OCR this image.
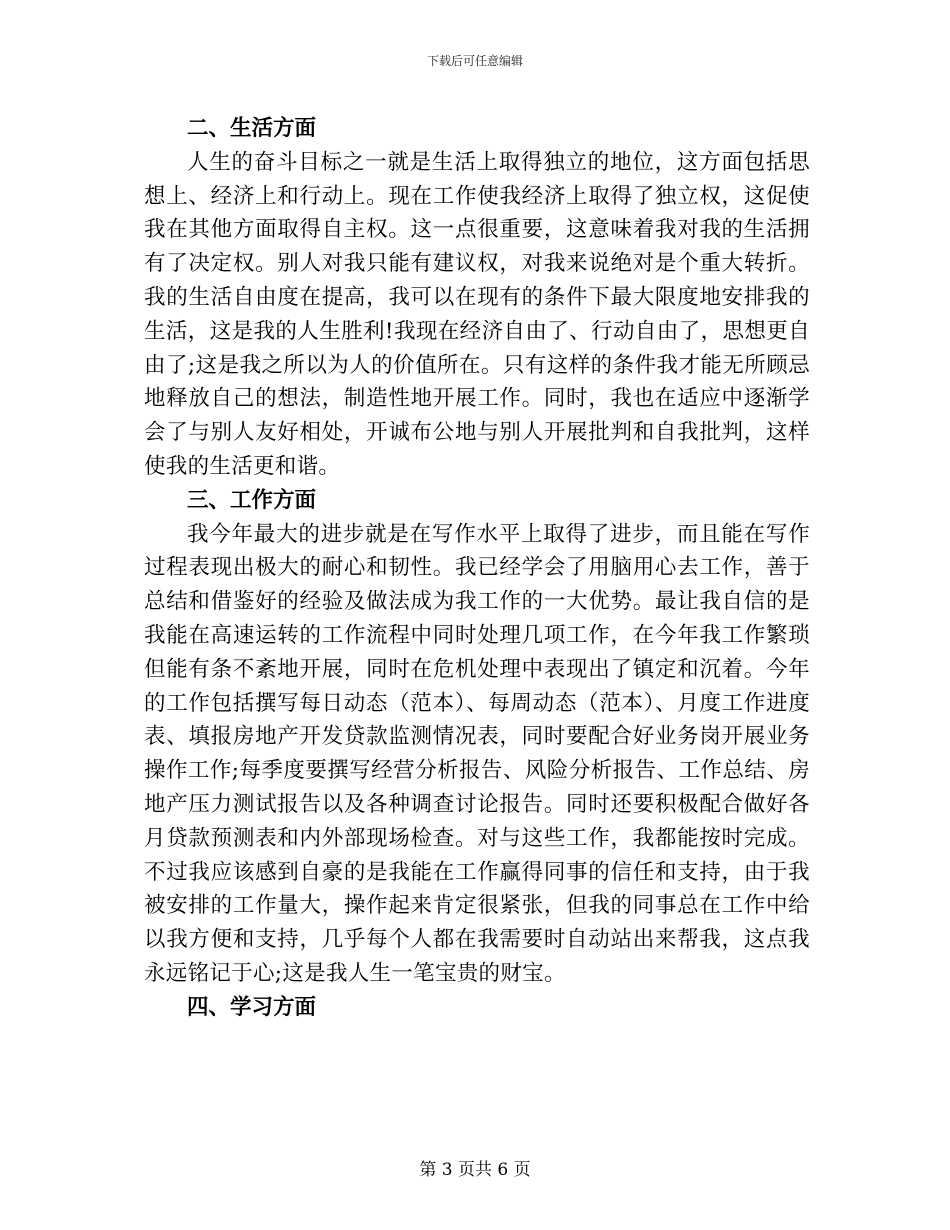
下载后可任意编辑
二、生活方面

人生的奋斗目标之一就是生活上取得独立的地位，这方面包括思想上、经济上和行动上。现在工作使我经济上取得了独立权，这促使我在其他方面取得自主权。这一点很重要，这意味着我对我的生活拥有了决定权。别人对我只能有建议权，对我来说绝对是个重大转折。我的生活自由度在提高，我可以在现有的条件下最大限度地安排我的生活，这是我的人生胜利!我现在经济自由了、行动自由了，思想更自由了;这是我之所以为人的价值所在。只有这样的条件我才能无所顾忌地释放自己的想法，制造性地开展工作。同时，我也在适应中逐渐学会了与别人友好相处，开诚布公地与别人开展批判和自我批判，这样使我的生活更和谐。

三、工作方面

我今年最大的进步就是在写作水平上取得了进步，而且能在写作过程表现出极大的耐心和韧性。我已经学会了用脑用心去工作，善于总结和借鉴好的经验及做法成为我工作的一大优势。最让我自信的是我能在高速运转的工作流程中同时处理几项工作，在今年我工作繁琐但能有条不紊地开展，同时在危机处理中表现出了镇定和沉着。今年的工作包括撰写每日动态（范本）、每周动态（范本）、月度工作进度表、填报房地产开发贷款监测情况表，同时要配合好业务岗开展业务操作工作;每季度要撰写经营分析报告、风险分析报告、工作总结、房地产压力测试报告以及各种调查讨论报告。同时还要积极配合做好各月贷款预测表和内外部现场检查。对与这些工作，我都能按时完成。不过我应该感到自豪的是我能在工作赢得同事的信任和支持，由于我被安排的工作量大，操作起来肯定很紧张，但我的同事总在工作中给以我方便和支持，几乎每个人都在我需要时自动站出来帮我，这点我永远铭记于心;这是我人生一笔宝贵的财宝。

四、学习方面
第 3 页共 6 页
